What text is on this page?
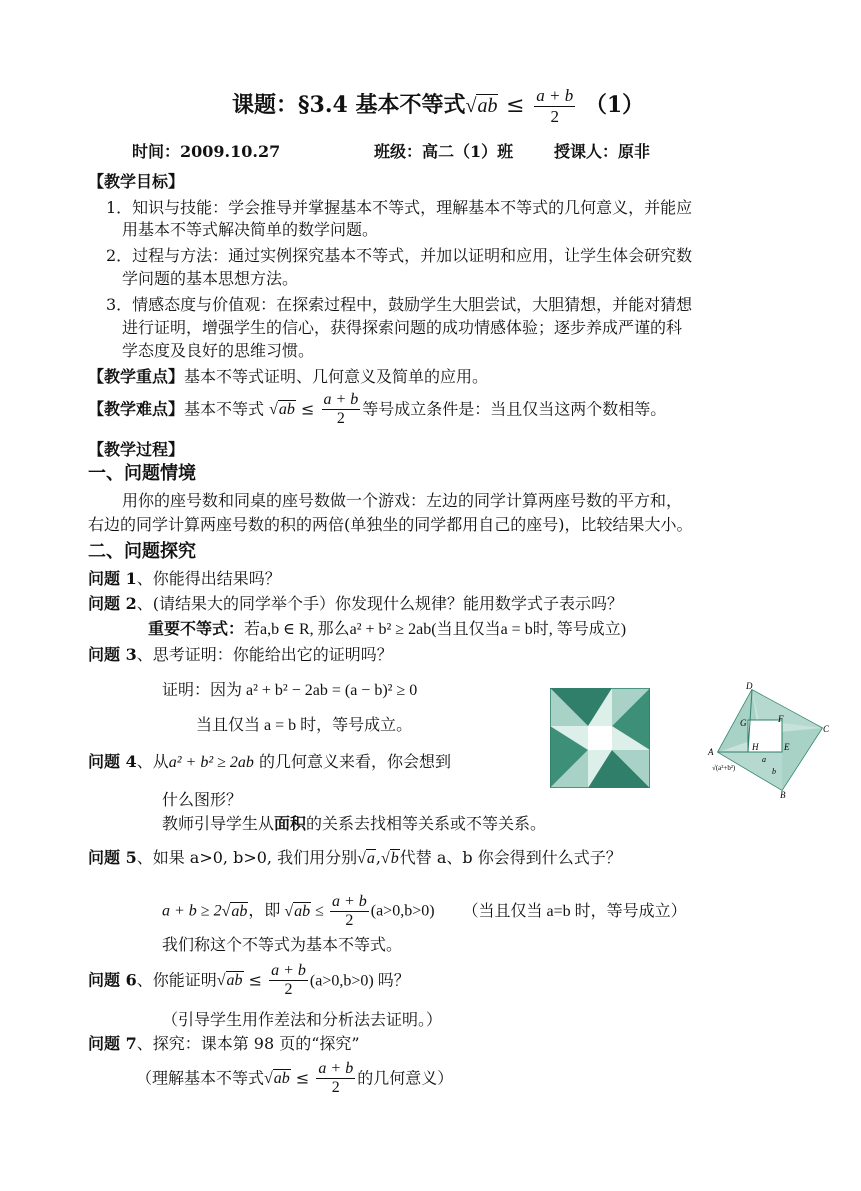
课题：§3.4 基本不等式$√ab \le \frac{a + b}{2} (1)$
时间：2009.10.27	班级：高二（1）班	授课人：原非
【教学目标】
1．知识与技能：学会推导并掌握基本不等式，理解基本不等式的几何意义，并能应
用基本不等式解决简单的数学问题。
2．过程与方法：通过实例探究基本不等式，并加以证明和应用，让学生体会研究数
学问题的基本思想方法。
3．情感态度与价值观：在探索过程中，鼓励学生大胆尝试，大胆猜想，并能对猜想
进行证明，增强学生的信心，获得探索问题的成功情感体验；逐步养成严谨的科
学态度及良好的思维习惯。
【教学重点】基本不等式证明、几何意义及简单的应用。
【教学难点】基本不等式 $√ab \le \frac{a + b}{2}$ 等号成立条件是：当且仅当这两个数相等。
【教学过程】
一、问题情境
用你的座号数和同桌的座号数做一个游戏：左边的同学计算两座号数的平方和，
右边的同学计算两座号数的积的两倍(单独坐的同学都用自己的座号)，比较结果大小。
二、问题探究
问题 1、你能得出结果吗？
问题 2、(请结果大的同学举个手）你发现什么规律？能用数学式子表示吗？
重要不等式：若a,b ∈ R, 那么a² + b² ≥ 2ab(当且仅当a = b时, 等号成立)
问题 3、思考证明：你能给出它的证明吗？
证明：因为 a² + b² − 2ab = (a − b)² ≥ 0
当且仅当 a = b 时，等号成立。
D
C
B
A
G	F
H	E
a
b
√(a²+b²)
问题 4、从a² + b² ≥ 2ab 的几何意义来看，你会想到
什么图形？
教师引导学生从面积的关系去找相等关系或不等关系。
问题 5、如果 a>0, b>0, 我们用分别√a,√b代替 a、b 你会得到什么式子？
a + b ≥ 2√ab，即 $√ab \le \frac{a + b}{2} (a>0,b>0)$ （当且仅当 a=b 时，等号成立）
我们称这个不等式为基本不等式。
问题 6、你能证明$√ab \le \frac{a + b}{2} (a>0,b>0)$ 吗？
（引导学生用作差法和分析法去证明。）
问题 7、探究：课本第 98 页的“探究”
（理解基本不等式$√ab \le \frac{a + b}{2}$ 的几何意义）
